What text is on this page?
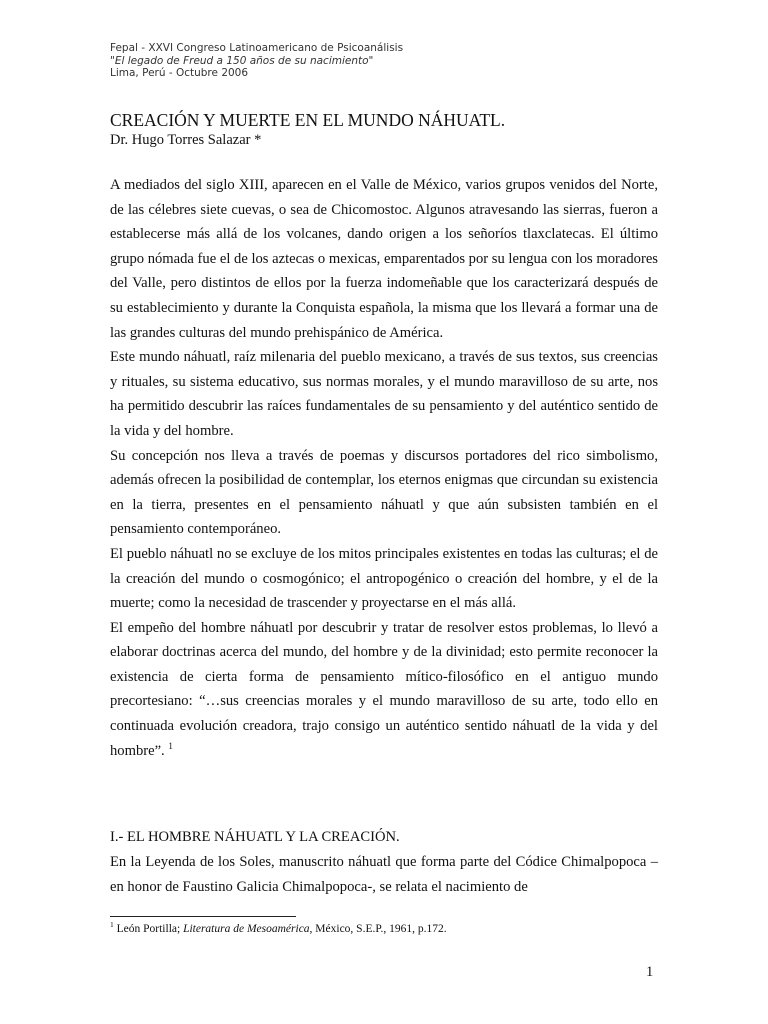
Fepal - XXVI Congreso Latinoamericano de Psicoanálisis
"El legado de Freud a 150 años de su nacimiento"
Lima, Perú - Octubre 2006
CREACIÓN Y MUERTE EN EL MUNDO NÁHUATL.

Dr. Hugo Torres Salazar *

A mediados del siglo XIII, aparecen en el Valle de México, varios grupos venidos del Norte, de las célebres siete cuevas, o sea de Chicomostoc. Algunos atravesando las sierras, fueron a establecerse más allá de los volcanes, dando origen a los señoríos tlaxclatecas. El último grupo nómada fue el de los aztecas o mexicas, emparentados por su lengua con los moradores del Valle, pero distintos de ellos por la fuerza indomeñable que los caracterizará después de su establecimiento y durante la Conquista española, la misma que los llevará a formar una de las grandes culturas del mundo prehispánico de América.

Este mundo náhuatl, raíz milenaria del pueblo mexicano, a través de sus textos, sus creencias y rituales, su sistema educativo, sus normas morales, y el mundo maravilloso de su arte, nos ha permitido descubrir las raíces fundamentales de su pensamiento y del auténtico sentido de la vida y del hombre.

Su concepción nos lleva a través de poemas y discursos portadores del rico simbolismo, además ofrecen la posibilidad de contemplar, los eternos enigmas que circundan su existencia en la tierra, presentes en el pensamiento náhuatl y que aún subsisten también en el pensamiento contemporáneo.

El pueblo náhuatl no se excluye de los mitos principales existentes en todas las culturas; el de la creación del mundo o cosmogónico; el antropogénico o creación del hombre, y el de la muerte; como la necesidad de trascender y proyectarse en el más allá.

El empeño del hombre náhuatl por descubrir y tratar de resolver estos problemas, lo llevó a elaborar doctrinas acerca del mundo, del hombre y de la divinidad; esto permite reconocer la existencia de cierta forma de pensamiento mítico-filosófico en el antiguo mundo precortesiano: “…sus creencias morales y el mundo maravilloso de su arte, todo ello en continuada evolución creadora, trajo consigo un auténtico sentido náhuatl de la vida y del hombre”. $^1$

I.- EL HOMBRE NÁHUATL Y LA CREACIÓN.

En la Leyenda de los Soles, manuscrito náhuatl que forma parte del Códice Chimalpopoca –en honor de Faustino Galicia Chimalpopoca-, se relata el nacimiento de

$^1$ León Portilla; Literatura de Mesoamérica, México, S.E.P., 1961, p.172.
1
